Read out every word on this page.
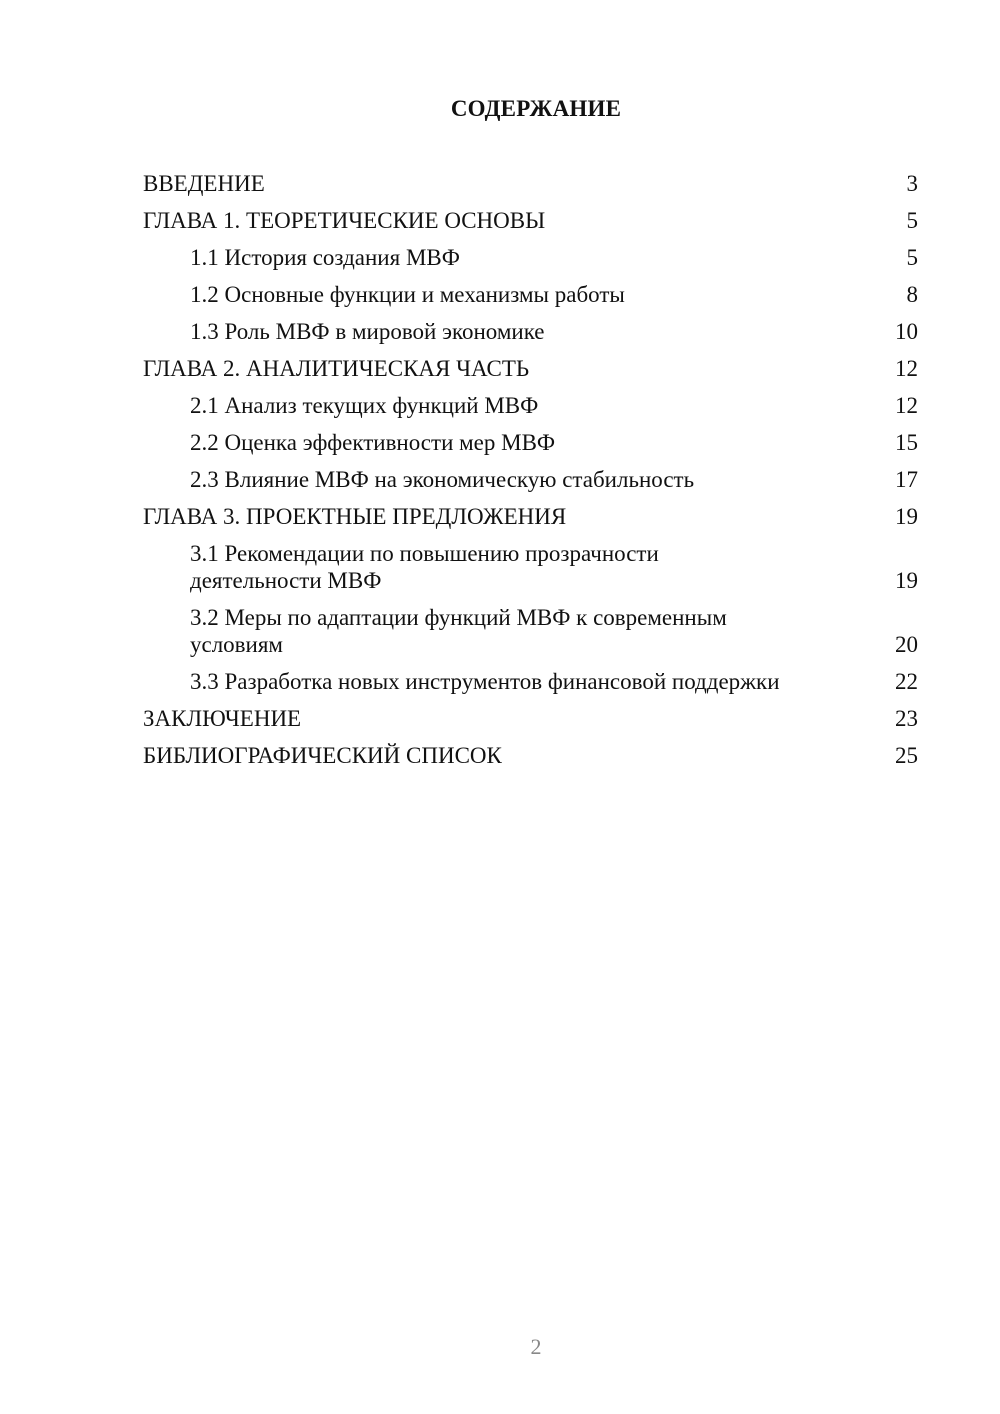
СОДЕРЖАНИЕ
ВВЕДЕНИЕ	3
ГЛАВА 1. ТЕОРЕТИЧЕСКИЕ ОСНОВЫ	5
1.1 История создания МВФ	5
1.2 Основные функции и механизмы работы	8
1.3 Роль МВФ в мировой экономике	10
ГЛАВА 2. АНАЛИТИЧЕСКАЯ ЧАСТЬ	12
2.1 Анализ текущих функций МВФ	12
2.2 Оценка эффективности мер МВФ	15
2.3 Влияние МВФ на экономическую стабильность	17
ГЛАВА 3. ПРОЕКТНЫЕ ПРЕДЛОЖЕНИЯ	19
3.1 Рекомендации по повышению прозрачности деятельности МВФ	19
3.2 Меры по адаптации функций МВФ к современным условиям	20
3.3 Разработка новых инструментов финансовой поддержки	22
ЗАКЛЮЧЕНИЕ	23
БИБЛИОГРАФИЧЕСКИЙ СПИСОК	25
2
